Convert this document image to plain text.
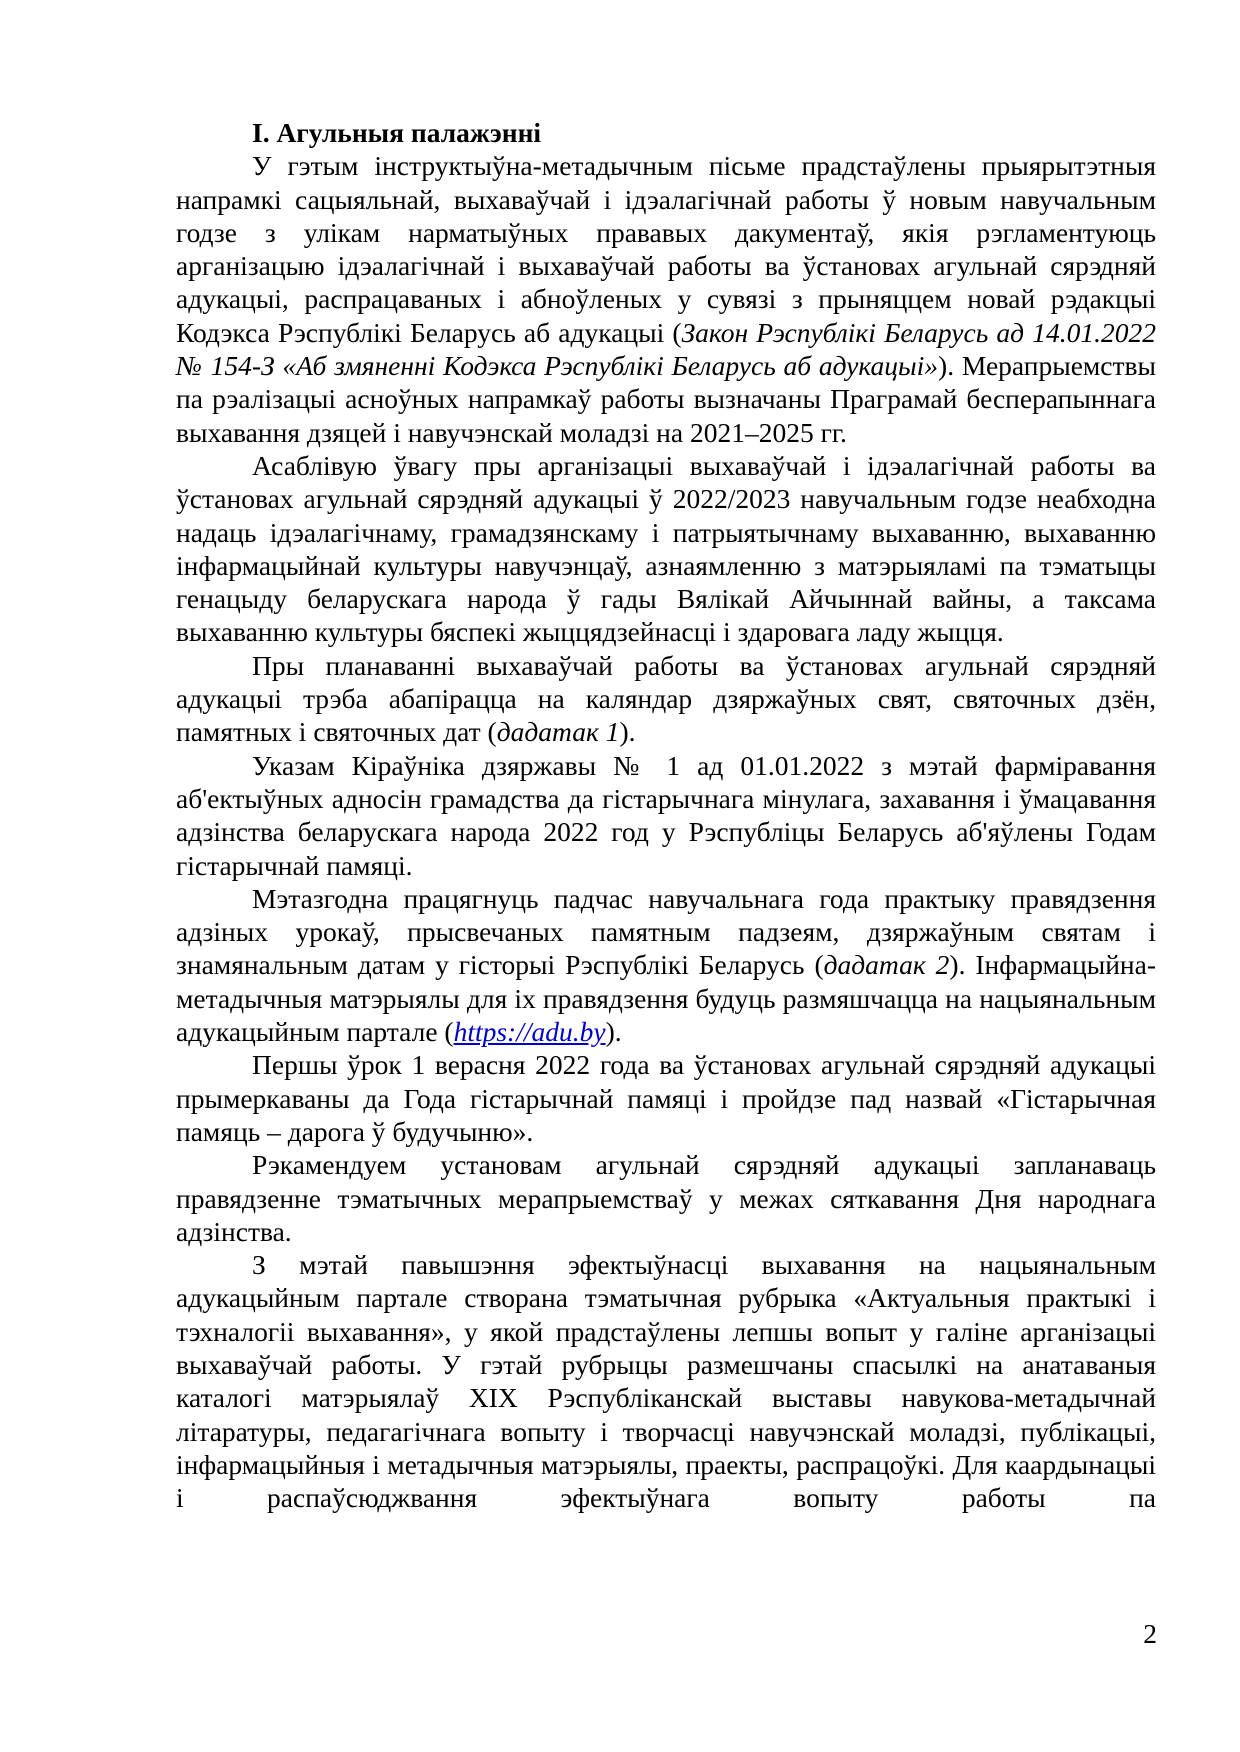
I. Агульныя палажэнні

У гэтым інструктыўна-метадычным пісьме прадстаўлены прыярытэтныя напрамкі сацыяльнай, выхаваўчай і ідэалагічнай работы ў новым навучальным годзе з улікам нарматыўных прававых дакументаў, якія рэгламентуюць арганізацыю ідэалагічнай і выхаваўчай работы ва ўстановах агульнай сярэдняй адукацыі, распрацаваных і абноўленых у сувязі з прыняццем новай рэдакцыі Кодэкса Рэспублікі Беларусь аб адукацыі (Закон Рэспублікі Беларусь ад 14.01.2022 № 154-З «Аб змяненні Кодэкса Рэспублікі Беларусь аб адукацыі»). Мерапрыемствы па рэалізацыі асноўных напрамкаў работы вызначаны Праграмай бесперапыннага выхавання дзяцей і навучэнскай моладзі на 2021–2025 гг.

Асаблівую ўвагу пры арганізацыі выхаваўчай і ідэалагічнай работы ва ўстановах агульнай сярэдняй адукацыі ў 2022/2023 навучальным годзе неабходна надаць ідэалагічнаму, грамадзянскаму і патрыятычнаму выхаванню, выхаванню інфармацыйнай культуры навучэнцаў, азнаямленню з матэрыяламі па тэматыцы генацыду беларускага народа ў гады Вялікай Айчыннай вайны, а таксама выхаванню культуры бяспекі жыццядзейнасці і здаровага ладу жыцця.

Пры планаванні выхаваўчай работы ва ўстановах агульнай сярэдняй адукацыі трэба абапірацца на каляндар дзяржаўных свят, святочных дзён, памятных і святочных дат (дадатак 1).

Указам Кіраўніка дзяржавы № 1 ад 01.01.2022 з мэтай фарміравання аб'ектыўных адносін грамадства да гістарычнага мінулага, захавання і ўмацавання адзінства беларускага народа 2022 год у Рэспубліцы Беларусь аб'яўлены Годам гістарычнай памяці.

Мэтазгодна працягнуць падчас навучальнага года практыку правядзення адзіных урокаў, прысвечаных памятным падзеям, дзяржаўным святам і знамянальным датам у гісторыі Рэспублікі Беларусь (дадатак 2). Інфармацыйна-метадычныя матэрыялы для іх правядзення будуць размяшчацца на нацыянальным адукацыйным партале (https://adu.by).

Першы ўрок 1 верасня 2022 года ва ўстановах агульнай сярэдняй адукацыі прымеркаваны да Года гістарычнай памяці і пройдзе пад назвай «Гістарычная памяць – дарога ў будучыню».

Рэкамендуем установам агульнай сярэдняй адукацыі запланаваць правядзенне тэматычных мерапрыемстваў у межах сяткавання Дня народнага адзінства.

З мэтай павышэння эфектыўнасці выхавання на нацыянальным адукацыйным партале створана тэматычная рубрыка «Актуальныя практыкі і тэхналогіі выхавання», у якой прадстаўлены лепшы вопыт у галіне арганізацыі выхаваўчай работы. У гэтай рубрыцы размешчаны спасылкі на анатаваныя каталогі матэрыялаў XIX Рэспубліканскай выставы навукова-метадычнай літаратуры, педагагічнага вопыту і творчасці навучэнскай моладзі, публікацыі, інфармацыйныя і метадычныя матэрыялы, праекты, распрацоўкі. Для каардынацыі і распаўсюджвання эфектыўнага вопыту работы па

2
